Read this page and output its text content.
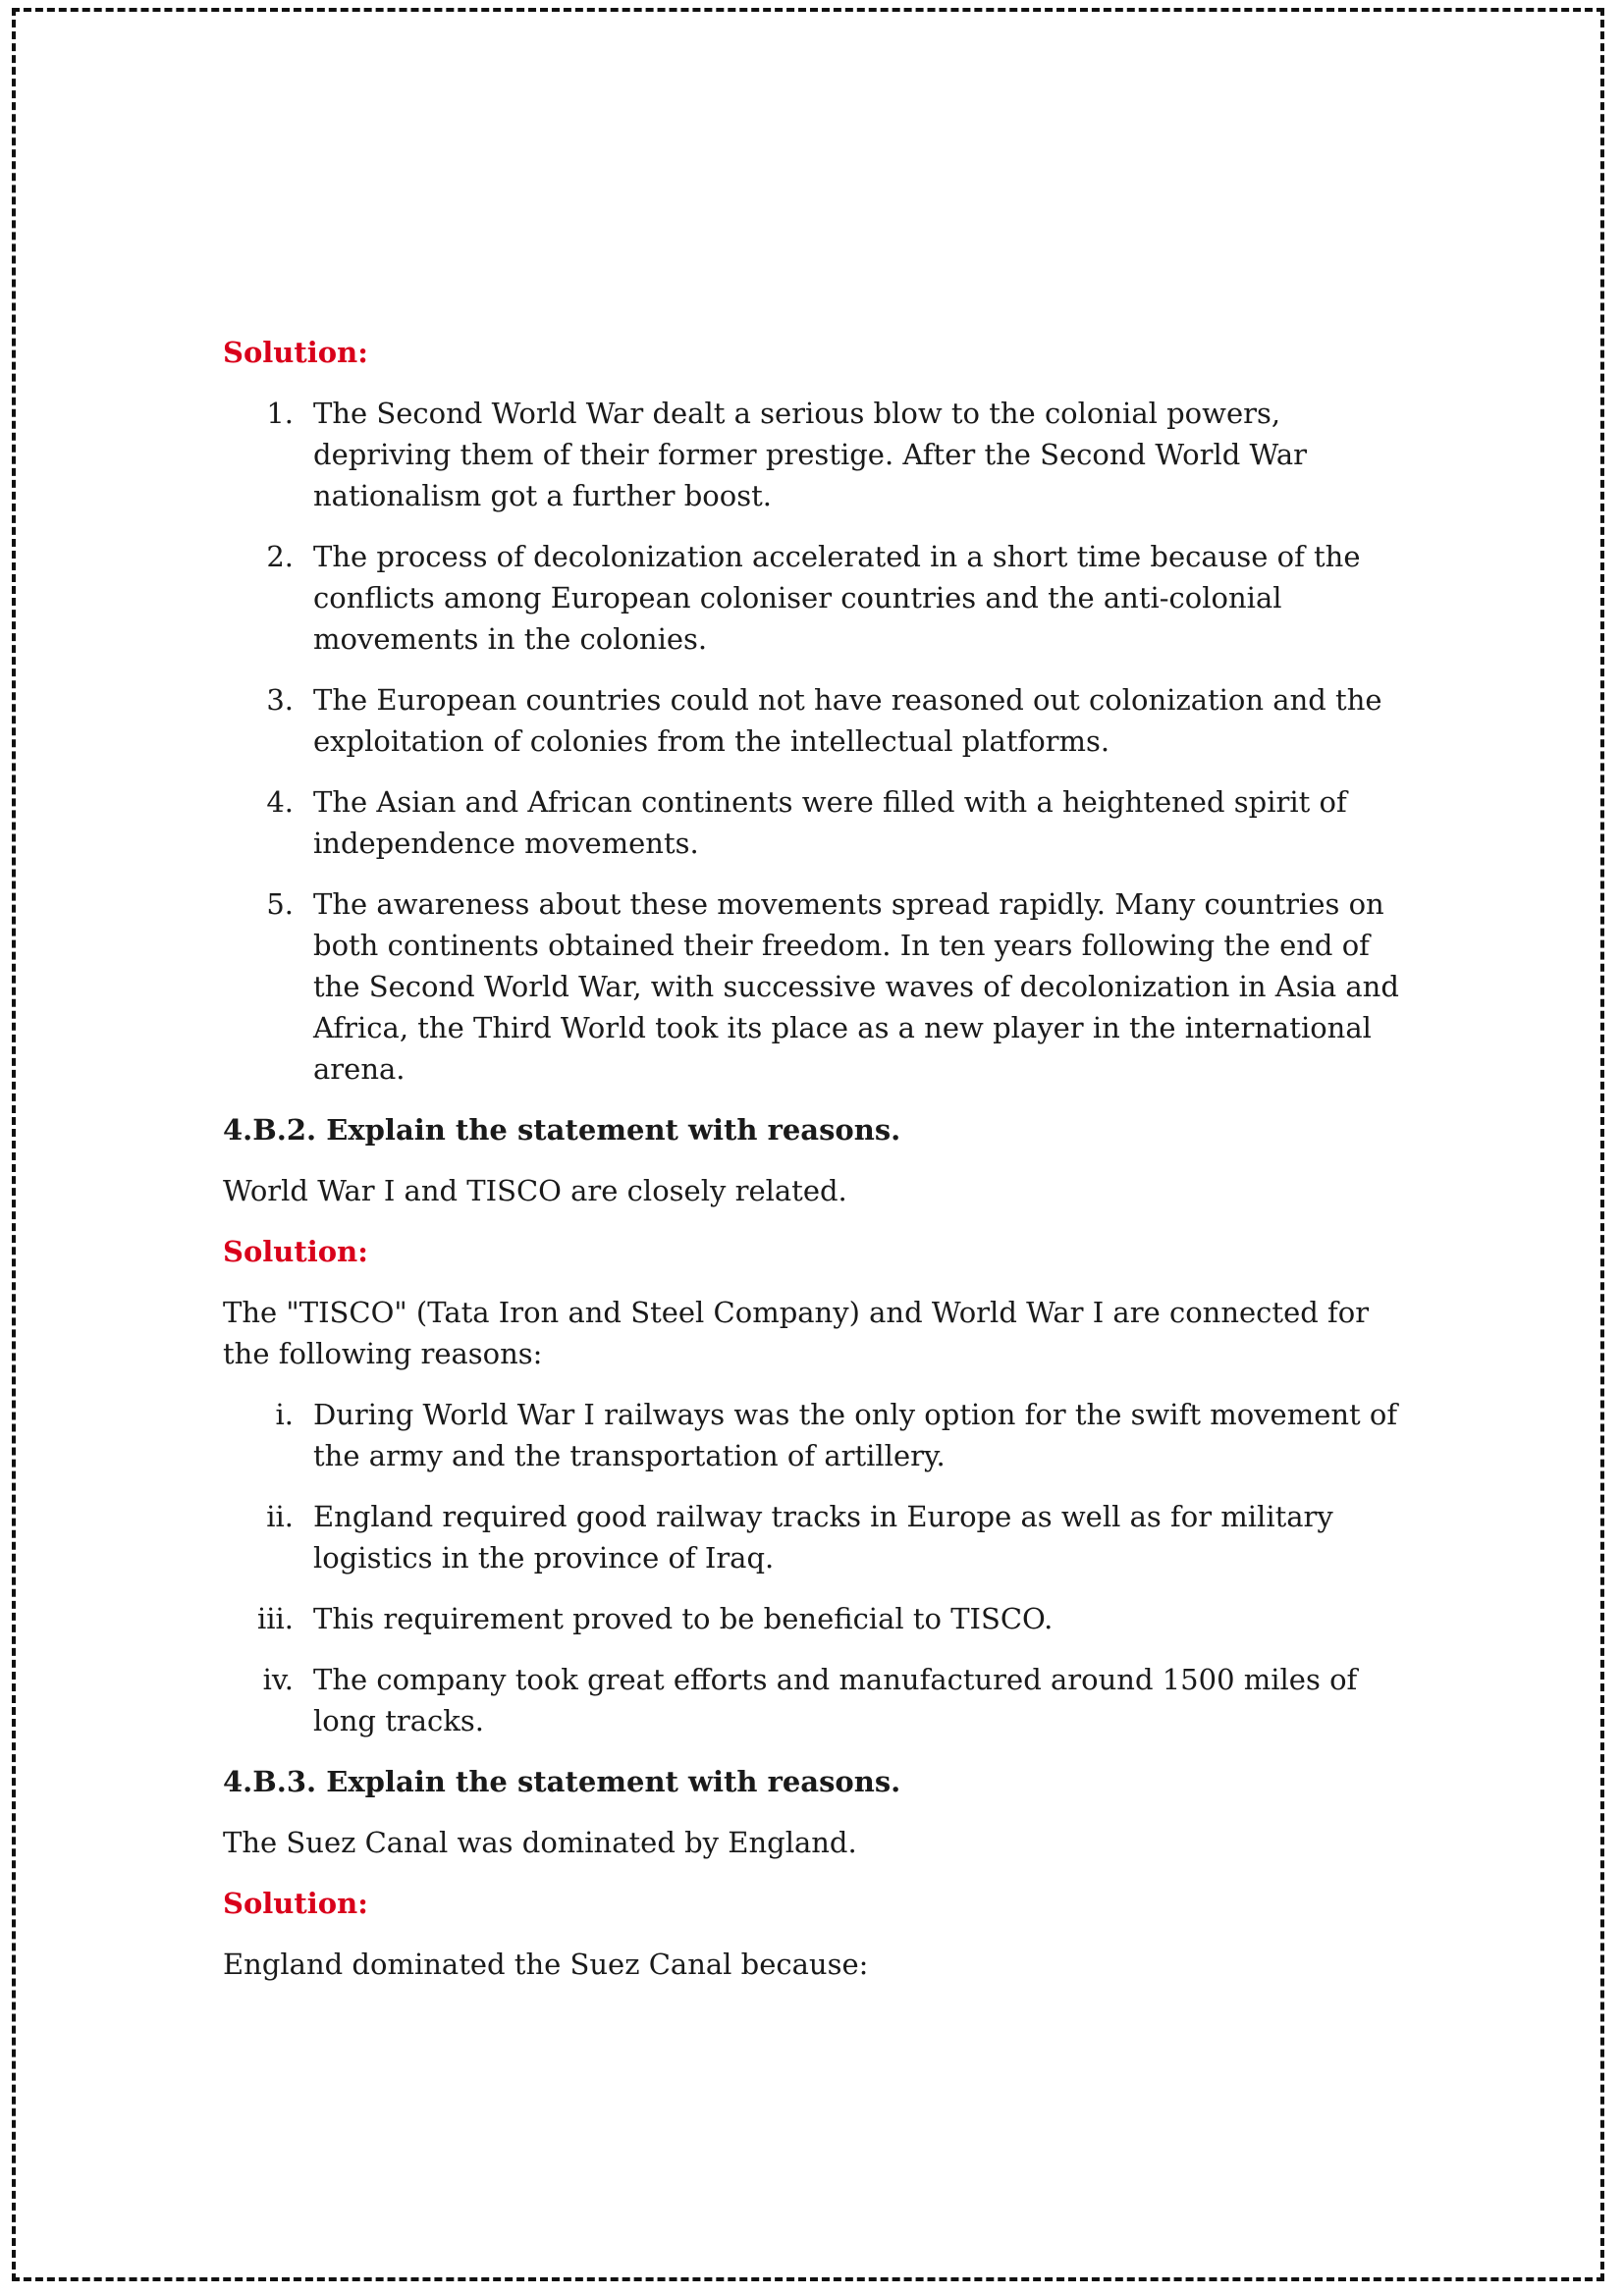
Solution:
1. The Second World War dealt a serious blow to the colonial powers, depriving them of their former prestige. After the Second World War nationalism got a further boost.
2. The process of decolonization accelerated in a short time because of the conflicts among European coloniser countries and the anti-colonial movements in the colonies.
3. The European countries could not have reasoned out colonization and the exploitation of colonies from the intellectual platforms.
4. The Asian and African continents were filled with a heightened spirit of independence movements.
5. The awareness about these movements spread rapidly. Many countries on both continents obtained their freedom. In ten years following the end of the Second World War, with successive waves of decolonization in Asia and Africa, the Third World took its place as a new player in the international arena.
4.B.2. Explain the statement with reasons.
World War I and TISCO are closely related.
Solution:
The "TISCO" (Tata Iron and Steel Company) and World War I are connected for the following reasons:
i. During World War I railways was the only option for the swift movement of the army and the transportation of artillery.
ii. England required good railway tracks in Europe as well as for military logistics in the province of Iraq.
iii. This requirement proved to be beneficial to TISCO.
iv. The company took great efforts and manufactured around 1500 miles of long tracks.
4.B.3. Explain the statement with reasons.
The Suez Canal was dominated by England.
Solution:
England dominated the Suez Canal because:
